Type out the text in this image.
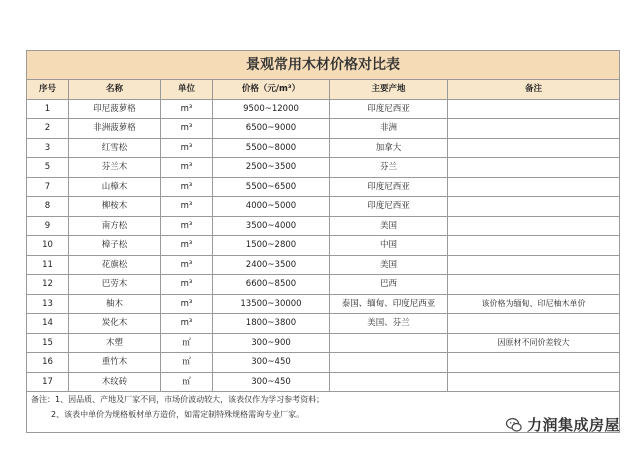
景观常用木材价格对比表					
序号	名称	单位	价格（元/m³）	主要产地	备注
1	印尼菠萝格	m³	9500~12000	印度尼西亚	
2	非洲菠萝格	m³	6500~9000	非洲	
3	红雪松	m³	5500~8000	加拿大	
5	芬兰木	m³	2500~3500	芬兰	
7	山樟木	m³	5500~6500	印度尼西亚	
8	柳桉木	m³	4000~5000	印度尼西亚	
9	南方松	m³	3500~4000	美国	
10	樟子松	m³	1500~2800	中国	
11	花旗松	m³	2400~3500	美国	
12	巴劳木	m³	6600~8500	巴西	
13	柚木	m³	13500~30000	泰国、缅甸、印度尼西亚	该价格为缅甸、印尼柚木单价
14	炭化木	m³	1800~3800	美国、芬兰	
15	木塑	㎡	300~900		因原材不同价差较大
16	重竹木	㎡	300~450		
17	木纹砖	㎡	300~450		

备注：1、因品质、产地及厂家不同，市场价波动较大，该表仅作为学习参考资料；
2、该表中单价为规格板材单方造价，如需定制特殊规格需询专业厂家。					
力润集成房屋
